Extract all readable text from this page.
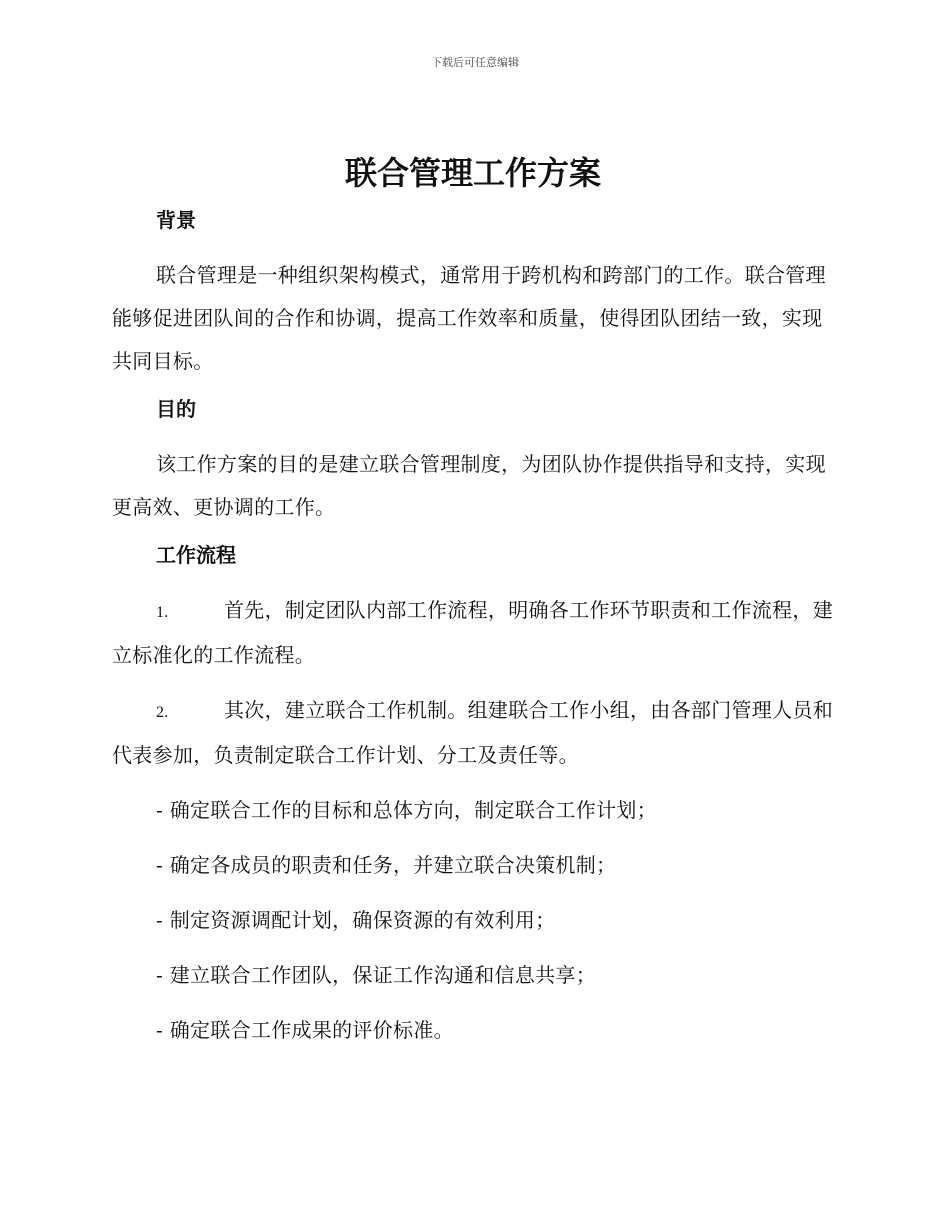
下载后可任意编辑
联合管理工作方案
背景

联合管理是一种组织架构模式，通常用于跨机构和跨部门的工作。联合管理能够促进团队间的合作和协调，提高工作效率和质量，使得团队团结一致，实现共同目标。

目的

该工作方案的目的是建立联合管理制度，为团队协作提供指导和支持，实现更高效、更协调的工作。

工作流程

1.	首先，制定团队内部工作流程，明确各工作环节职责和工作流程，建立标准化的工作流程。

2.	其次，建立联合工作机制。组建联合工作小组，由各部门管理人员和代表参加，负责制定联合工作计划、分工及责任等。

- 确定联合工作的目标和总体方向，制定联合工作计划；

- 确定各成员的职责和任务，并建立联合决策机制；

- 制定资源调配计划，确保资源的有效利用；

- 建立联合工作团队，保证工作沟通和信息共享；

- 确定联合工作成果的评价标准。
